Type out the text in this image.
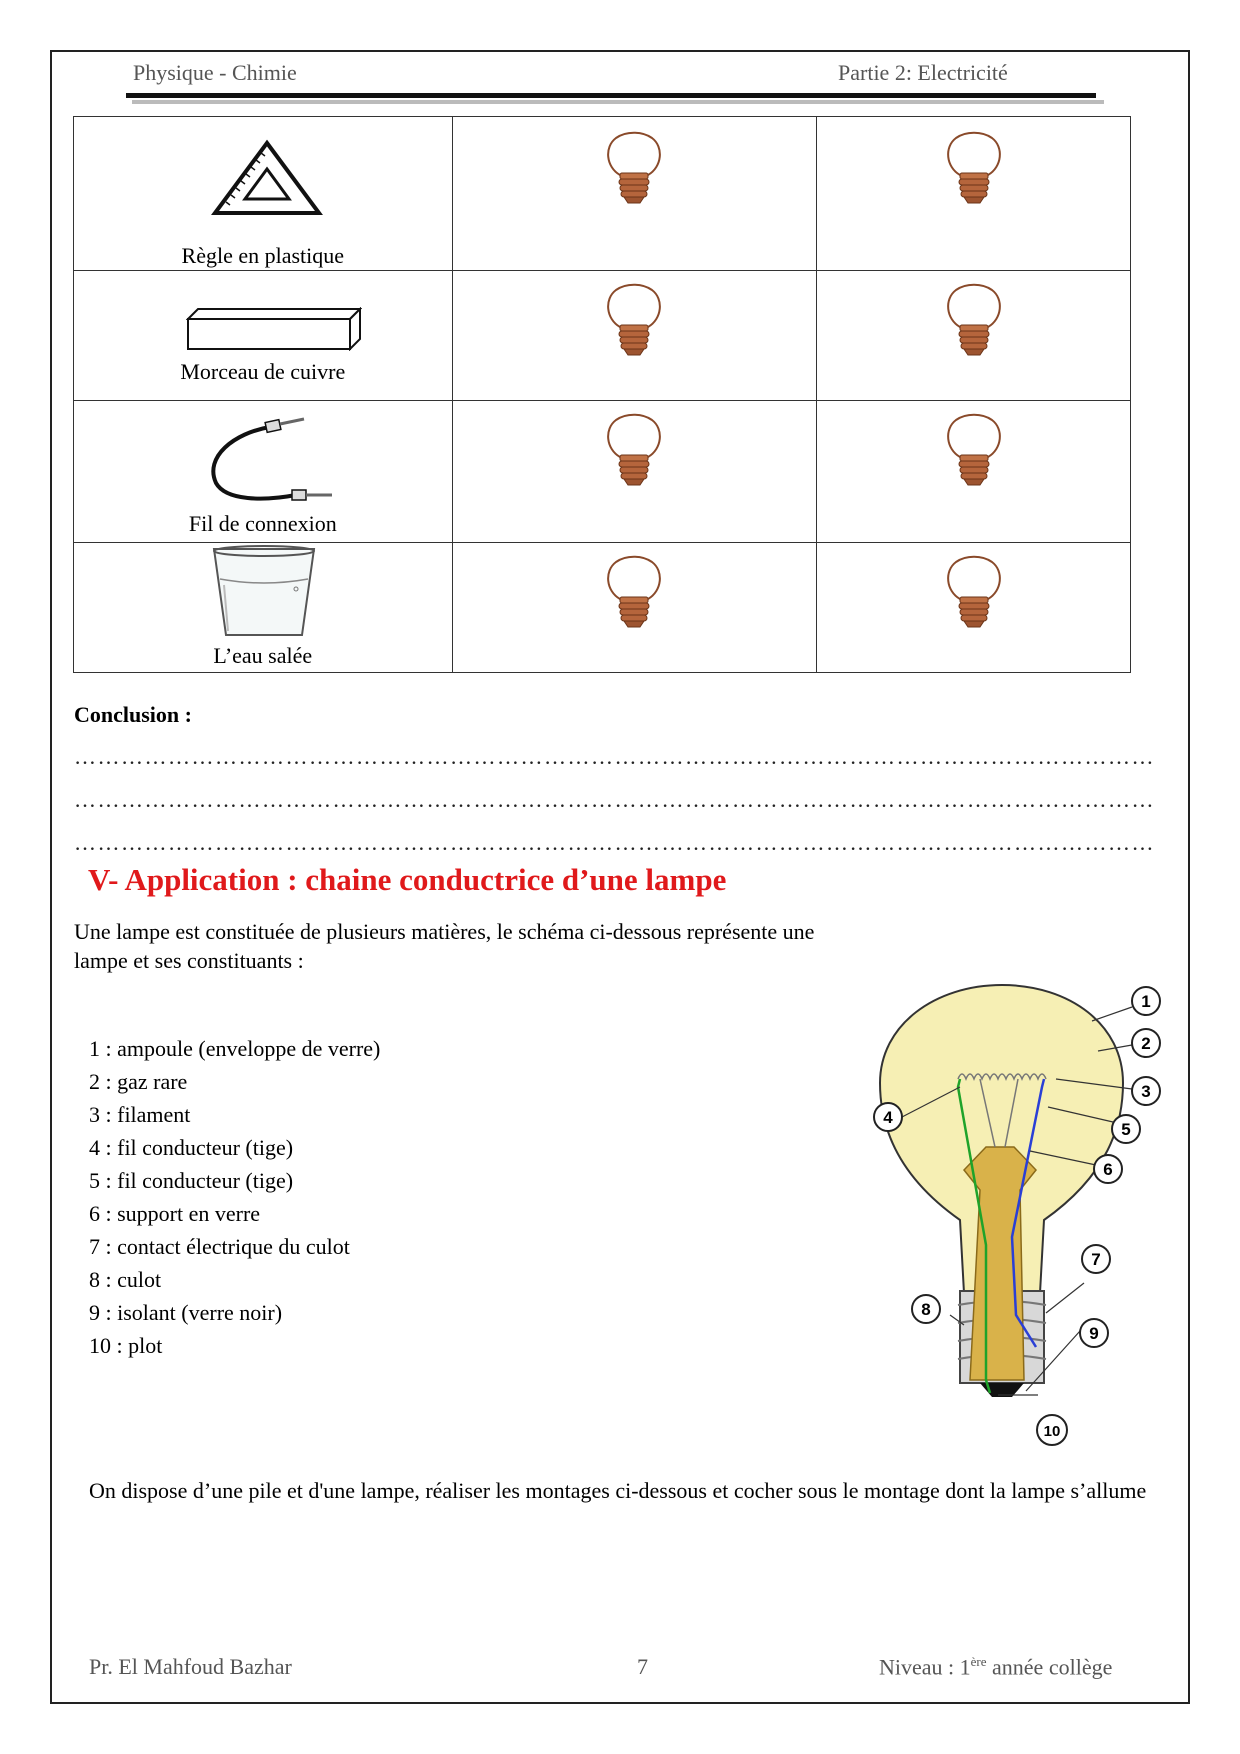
Physique - Chimie	Partie 2: Electricité
Règle en plastique

Morceau de cuivre

Fil de connexion

L’eau salée

Conclusion :
…………………………………………………………………………………………………………………………
…………………………………………………………………………………………………………………………
…………………………………………………………………………………………………………………………
V- Application : chaine conductrice d’une lampe
Une lampe est constituée de plusieurs matières, le schéma ci-dessous représente une lampe et ses constituants :
1 : ampoule (enveloppe de verre)
2 : gaz rare
3 : filament
4 : fil conducteur (tige)
5 : fil conducteur (tige)
6 : support en verre
7 : contact électrique du culot
8 : culot
9 : isolant (verre noir)
10 : plot
1
2
3
4
5
6
7
8
9
10
On dispose d’une pile et d'une lampe, réaliser les montages ci-dessous et cocher sous le montage dont la lampe s’allume
Pr. El Mahfoud Bazhar	7	Niveau : 1ère année collège
